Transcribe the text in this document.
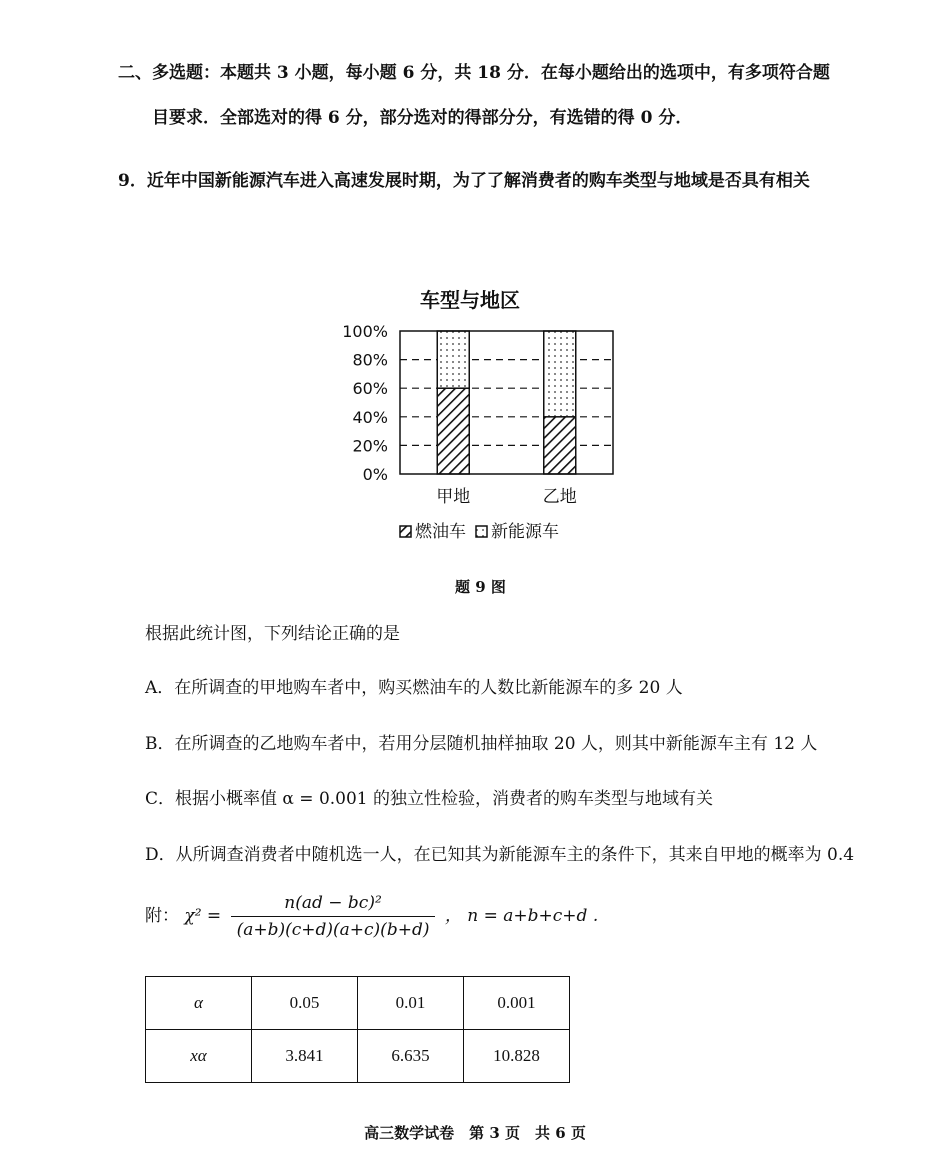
二、多选题：本题共 3 小题，每小题 6 分，共 18 分．在每小题给出的选项中，有多项符合题
目要求．全部选对的得 6 分，部分选对的得部分分，有选错的得 0 分．
9．近年中国新能源汽车进入高速发展时期，为了了解消费者的购车类型与地域是否具有相关
车型与地区
0%
20%
40%
60%
80%
100%
甲地	乙地
燃油车 新能源车
题 9 图
根据此统计图，下列结论正确的是
A．在所调查的甲地购车者中，购买燃油车的人数比新能源车的多 20 人
B．在所调查的乙地购车者中，若用分层随机抽样抽取 20 人，则其中新能源车主有 12 人
C．根据小概率值 α = 0.001 的独立性检验，消费者的购车类型与地域有关
D．从所调查消费者中随机选一人，在已知其为新能源车主的条件下，其来自甲地的概率为 0.4
附： $\chi^2 = \frac{\text{n(ad − bc)²}}{(a+b)(c+d)(a+c)(b+d)}$ ， n = a+b+c+d .
α	0.05	0.01	0.001
xα	3.841	6.635	10.828
高三数学试卷　第 3 页　共 6 页
